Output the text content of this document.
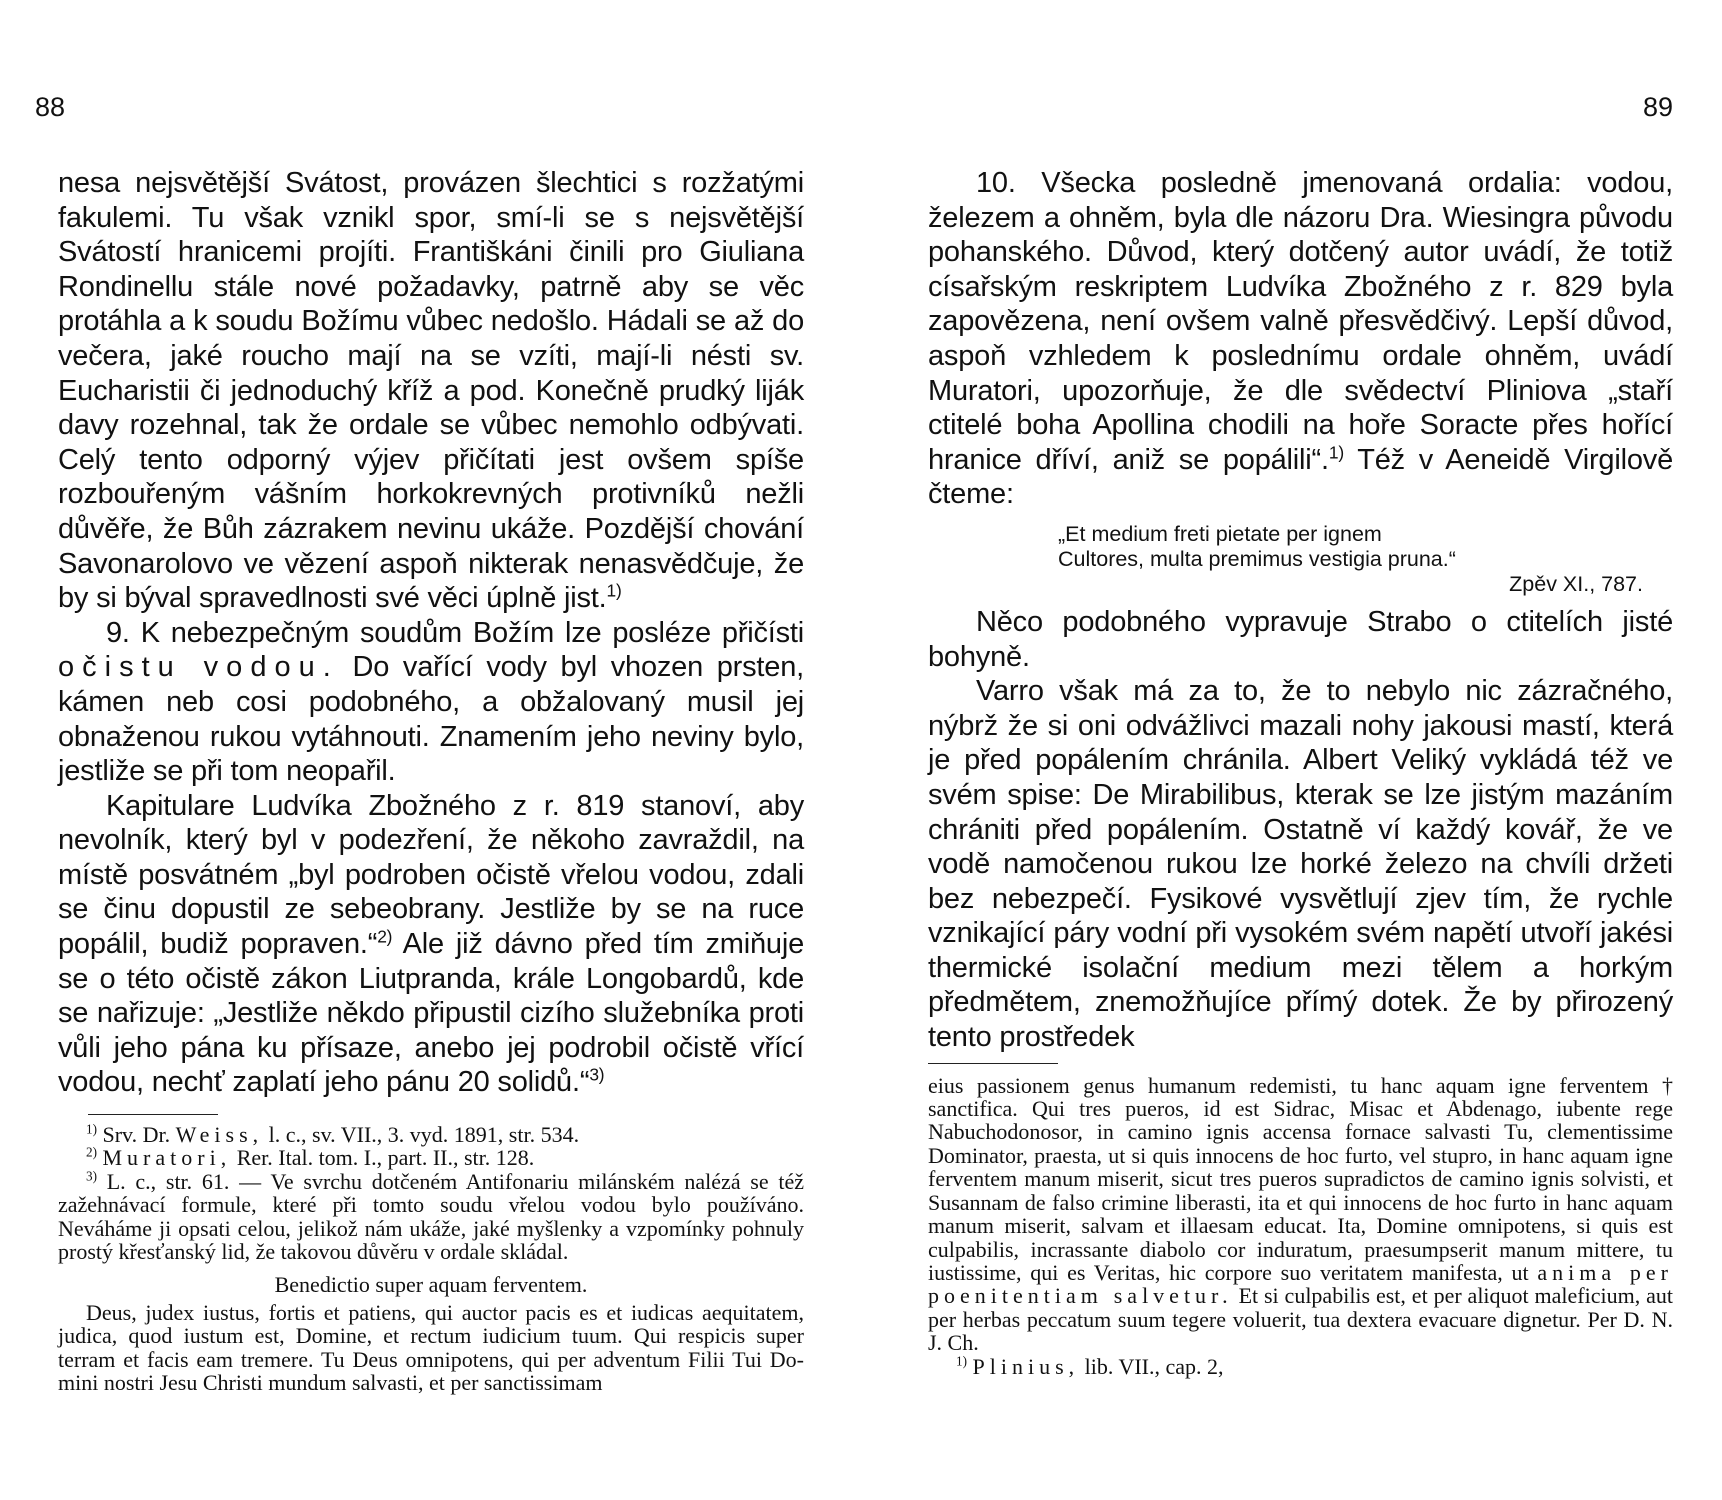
88	89

nesa nejsvětější Svátost, provázen šlechtici s rozžatými fakulemi. Tu však vznikl spor, smí-li se s nejsvětější Svátostí hranicemi projíti. Františkáni činili pro Giuliana Rondinellu stále nové požadavky, patrně aby se věc protáhla a k soudu Božímu vůbec nedošlo. Hádali se až do večera, jaké roucho mají na se vzíti, mají-li nésti sv. Eucharistii či jednoduchý kříž a pod. Konečně prudký liják davy rozehnal, tak že ordale se vůbec nemohlo odbývati. Celý tento odporný výjev přičítati jest ovšem spíše rozbouřeným vášním horkokrevných protivníků nežli důvěře, že Bůh zázrakem nevinu ukáže. Pozdější chování Savonarolovo ve vězení aspoň nikterak nenasvědčuje, že by si býval spravedlnosti své věci úplně jist.$^{1)}$

9. K nebezpečným soudům Božím lze posléze přičísti očistu vodou. Do vařící vody byl vhozen prsten, kámen neb cosi podobného, a obžalovaný musil jej obnaženou rukou vytáhnouti. Znamením jeho neviny bylo, jestliže se při tom neopařil.

Kapitulare Ludvíka Zbožného z r. 819 stanoví, aby nevolník, který byl v podezření, že někoho zavraždil, na místě posvátném „byl podroben očistě vřelou vodou, zdali se činu dopustil ze sebeobrany. Jestliže by se na ruce popálil, budiž popraven.“$^{2)}$ Ale již dávno před tím zmiňuje se o této očistě zákon Liutpranda, krále Longobardů, kde se nařizuje: „Jestliže někdo připustil cizího služebníka proti vůli jeho pána ku přísaze, anebo jej podrobil očistě vřící vodou, nechť zaplatí jeho pánu 20 solidů.“$^{3)}$

$^{1)}$ Srv. Dr. Weiss, l. c., sv. VII., 3. vyd. 1891, str. 534.

$^{2)}$ Muratori, Rer. Ital. tom. I., part. II., str. 128.

$^{3)}$ L. c., str. 61. — Ve svrchu dotčeném Antifonariu milánském nalézá se též zažehnávací formule, které při tomto soudu vřelou vodou bylo používáno. Neváháme ji opsati celou, jelikož nám ukáže, jaké myšlenky a vzpomínky pohnuly prostý křesťanský lid, že takovou důvěru v ordale skládal.

Benedictio super aquam ferventem.

Deus, judex iustus, fortis et patiens, qui auctor pacis es et iudicas aequitatem, judica, quod iustum est, Domine, et rectum iudicium tuum. Qui respicis super terram et facis eam tremere. Tu Deus omnipotens, qui per adventum Filii Tui Domini nostri Jesu Christi mundum salvasti, et per sanctissimam

10. Všecka posledně jmenovaná ordalia: vodou, železem a ohněm, byla dle názoru Dra. Wiesingra původu pohanského. Důvod, který dotčený autor uvádí, že totiž císařským reskriptem Ludvíka Zbožného z r. 829 byla zapovězena, není ovšem valně přesvědčivý. Lepší důvod, aspoň vzhledem k poslednímu ordale ohněm, uvádí Muratori, upozorňuje, že dle svědectví Pliniova „staří ctitelé boha Apollina chodili na hoře Soracte přes hořící hranice dříví, aniž se popálili“.$^{1)}$ Též v Aeneidě Virgilově čteme:

„Et medium freti pietate per ignem
Cultores, multa premimus vestigia pruna.“
Zpěv XI., 787.

Něco podobného vypravuje Strabo o ctitelích jisté bohyně.

Varro však má za to, že to nebylo nic zázračného, nýbrž že si oni odvážlivci mazali nohy jakousi mastí, která je před popálením chránila. Albert Veliký vykládá též ve svém spise: De Mirabilibus, kterak se lze jistým mazáním chrániti před popálením. Ostatně ví každý kovář, že ve vodě namočenou rukou lze horké železo na chvíli držeti bez nebezpečí. Fysikové vysvětlují zjev tím, že rychle vznikající páry vodní při vysokém svém napětí utvoří jakési thermické isolační medium mezi tělem a horkým předmětem, znemožňujíce přímý dotek. Že by přirozený tento prostředek

eius passionem genus humanum redemisti, tu hanc aquam igne ferventem † sanctifica. Qui tres pueros, id est Sidrac, Misac et Abdenago, iubente rege Nabuchodonosor, in camino ignis accensa fornace salvasti Tu, clementissime Dominator, praesta, ut si quis innocens de hoc furto, vel stupro, in hanc aquam igne ferventem manum miserit, sicut tres pueros supradictos de camino ignis solvisti, et Susannam de falso crimine liberasti, ita et qui innocens de hoc furto in hanc aquam manum miserit, salvam et illaesam educat. Ita, Domine omnipotens, si quis est culpabilis, incrassante diabolo cor induratum, praesumpserit manum mittere, tu iustissime, qui es Veritas, hic corpore suo veritatem manifesta, ut anima per poenitentiam salvetur. Et si culpabilis est, et per aliquot maleficium, aut per herbas peccatum suum tegere voluerit, tua dextera evacuare dignetur. Per D. N. J. Ch.

$^{1)}$ Plinius, lib. VII., cap. 2,
